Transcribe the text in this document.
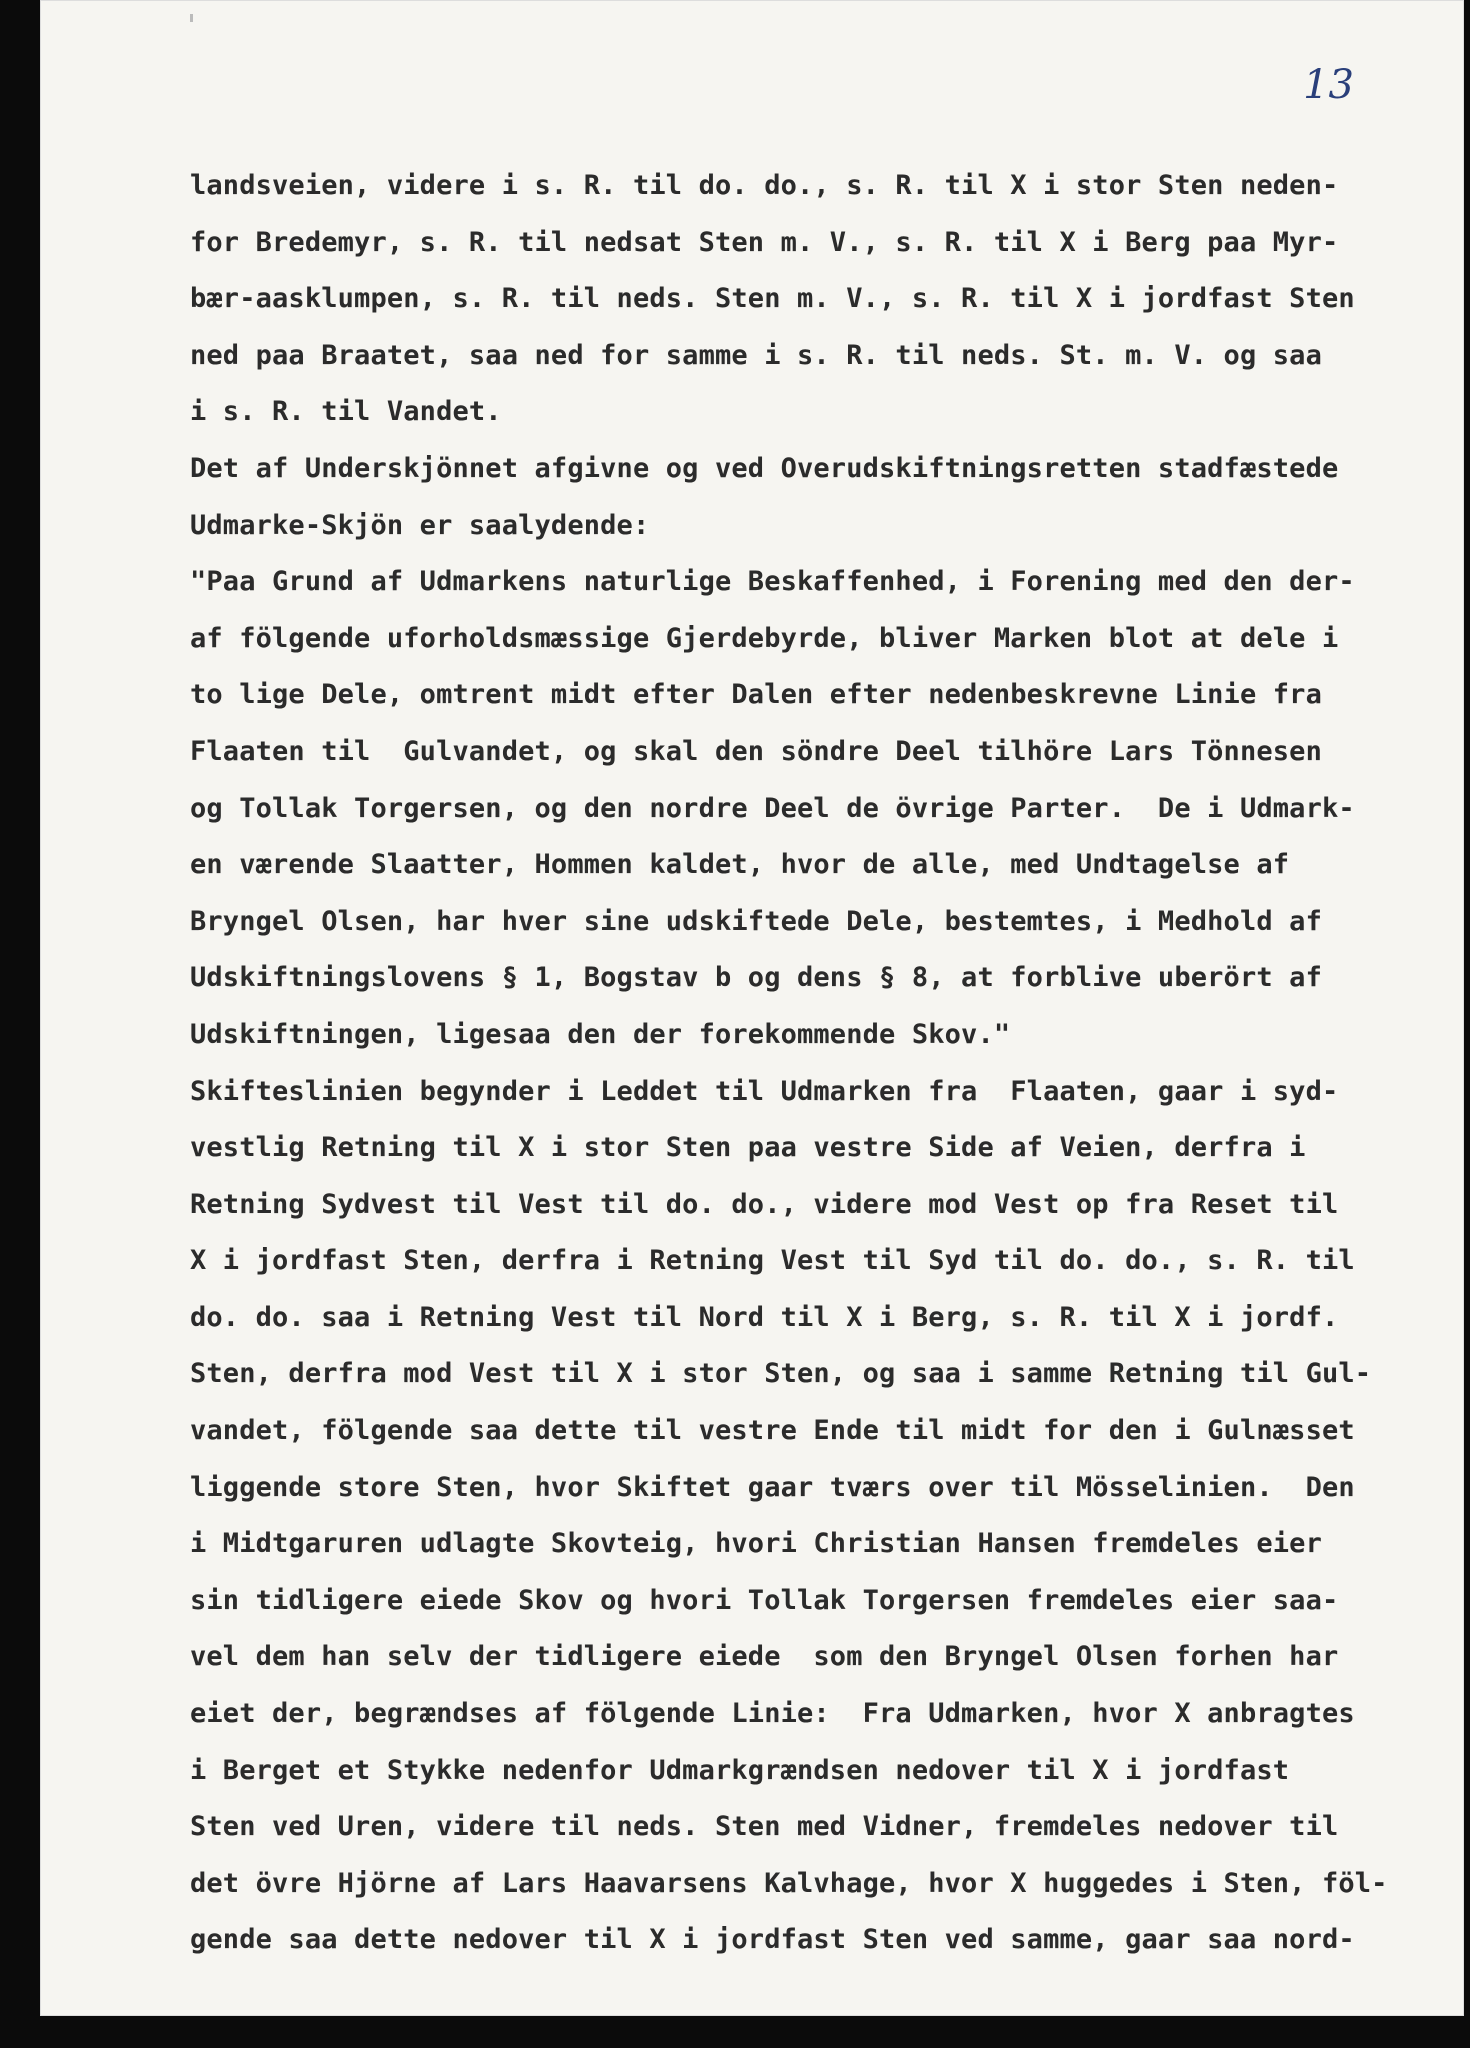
13
landsveien, videre i s. R. til do. do., s. R. til X i stor Sten neden-
for Bredemyr, s. R. til nedsat Sten m. V., s. R. til X i Berg paa Myr-
bær-aasklumpen, s. R. til neds. Sten m. V., s. R. til X i jordfast Sten
ned paa Braatet, saa ned for samme i s. R. til neds. St. m. V. og saa
i s. R. til Vandet.
Det af Underskjönnet afgivne og ved Overudskiftningsretten stadfæstede
Udmarke-Skjön er saalydende:
"Paa Grund af Udmarkens naturlige Beskaffenhed, i Forening med den der-
af fölgende uforholdsmæssige Gjerdebyrde, bliver Marken blot at dele i
to lige Dele, omtrent midt efter Dalen efter nedenbeskrevne Linie fra
Flaaten til  Gulvandet, og skal den söndre Deel tilhöre Lars Tönnesen
og Tollak Torgersen, og den nordre Deel de övrige Parter.  De i Udmark-
en værende Slaatter, Hommen kaldet, hvor de alle, med Undtagelse af
Bryngel Olsen, har hver sine udskiftede Dele, bestemtes, i Medhold af
Udskiftningslovens § 1, Bogstav b og dens § 8, at forblive uberört af
Udskiftningen, ligesaa den der forekommende Skov."
Skifteslinien begynder i Leddet til Udmarken fra  Flaaten, gaar i syd-
vestlig Retning til X i stor Sten paa vestre Side af Veien, derfra i
Retning Sydvest til Vest til do. do., videre mod Vest op fra Reset til
X i jordfast Sten, derfra i Retning Vest til Syd til do. do., s. R. til
do. do. saa i Retning Vest til Nord til X i Berg, s. R. til X i jordf.
Sten, derfra mod Vest til X i stor Sten, og saa i samme Retning til Gul-
vandet, fölgende saa dette til vestre Ende til midt for den i Gulnæsset
liggende store Sten, hvor Skiftet gaar tværs over til Mösselinien.  Den
i Midtgaruren udlagte Skovteig, hvori Christian Hansen fremdeles eier
sin tidligere eiede Skov og hvori Tollak Torgersen fremdeles eier saa-
vel dem han selv der tidligere eiede  som den Bryngel Olsen forhen har
eiet der, begrændses af fölgende Linie:  Fra Udmarken, hvor X anbragtes
i Berget et Stykke nedenfor Udmarkgrændsen nedover til X i jordfast
Sten ved Uren, videre til neds. Sten med Vidner, fremdeles nedover til
det övre Hjörne af Lars Haavarsens Kalvhage, hvor X huggedes i Sten, föl-
gende saa dette nedover til X i jordfast Sten ved samme, gaar saa nord-
